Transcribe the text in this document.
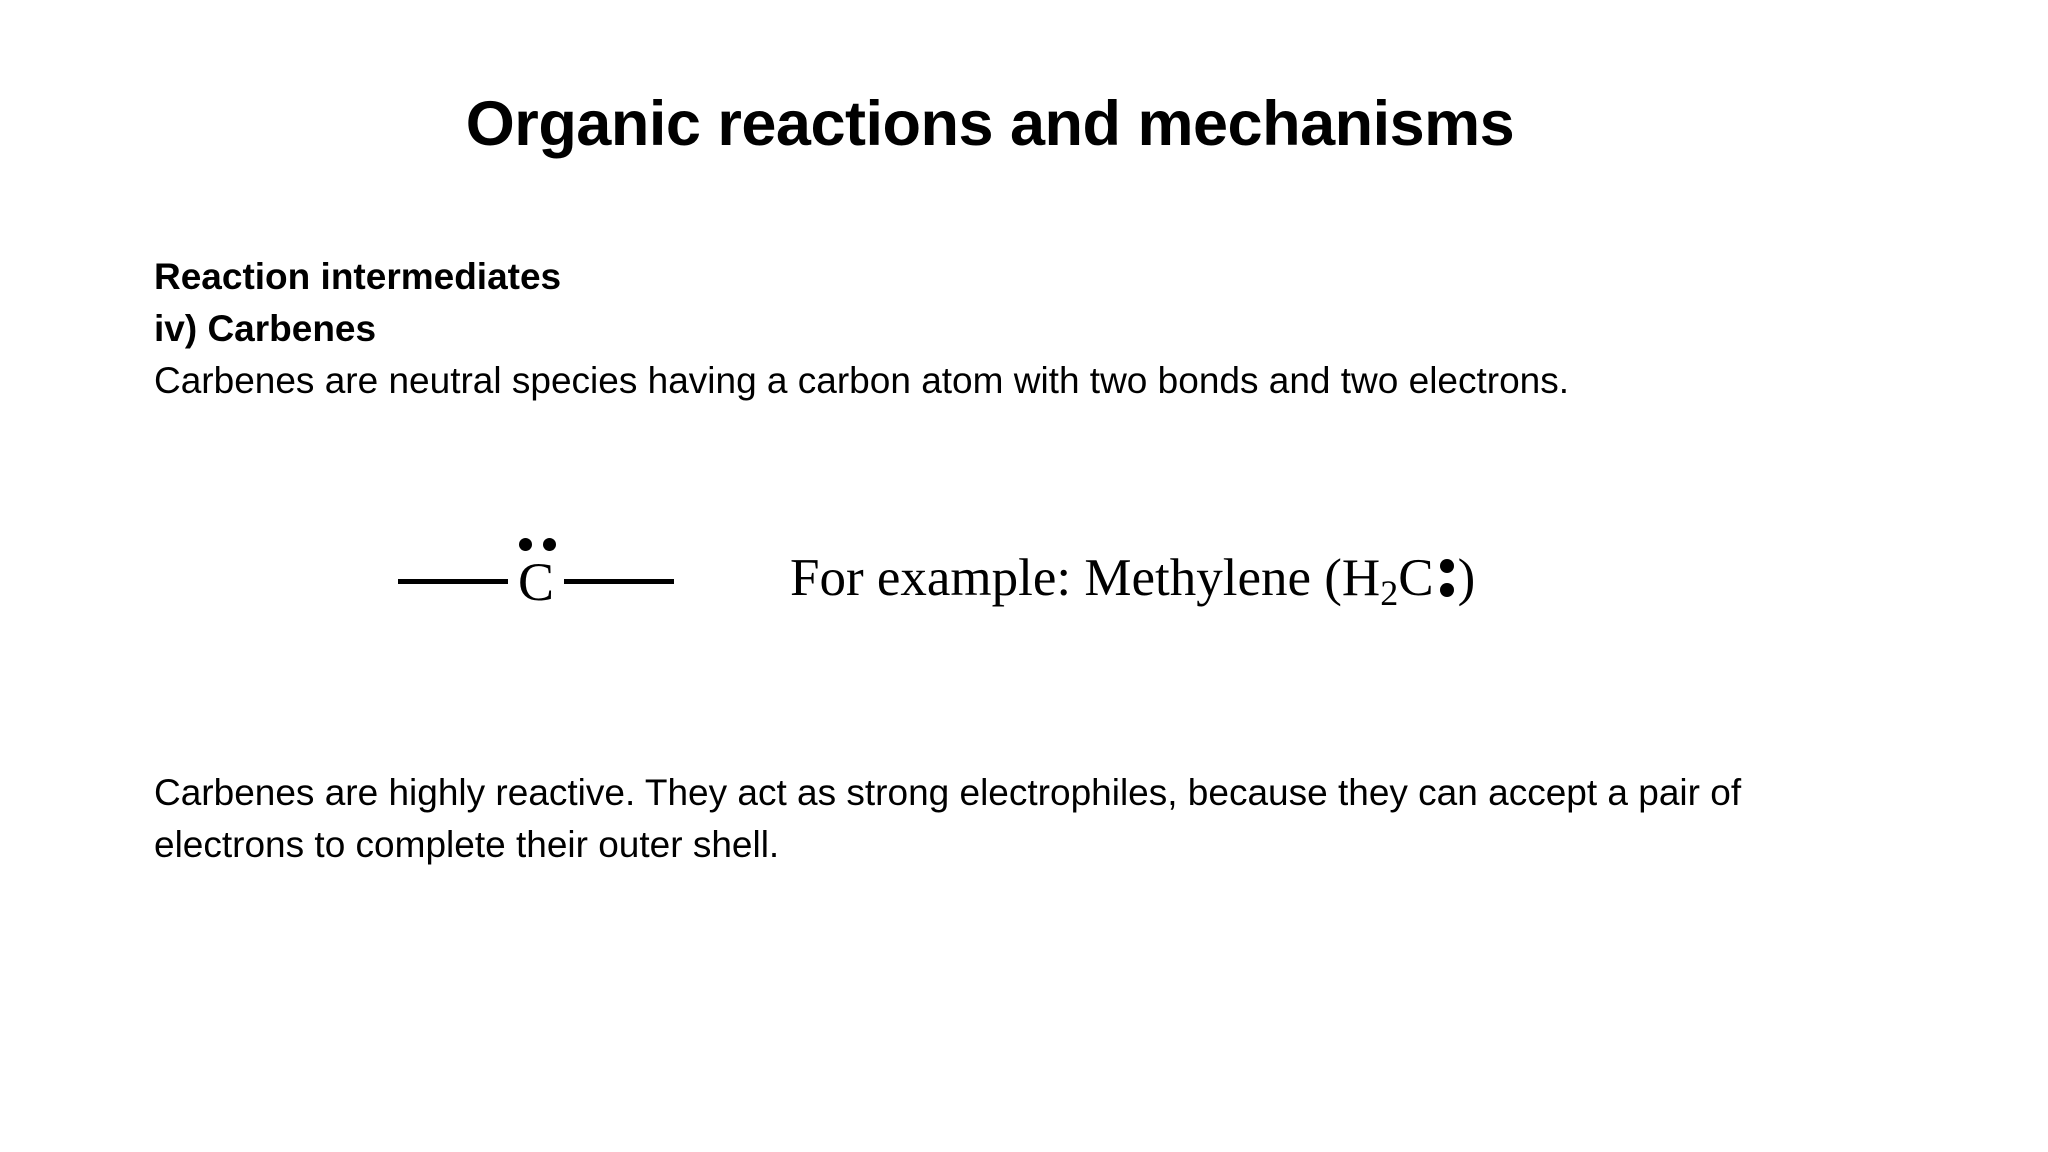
Organic reactions and mechanisms
Reaction intermediates
iv) Carbenes
Carbenes are neutral species having a carbon atom with two bonds and two electrons.
C	For example: Methylene ($H_2C$ )
Carbenes are highly reactive. They act as strong electrophiles, because they can accept a pair of
electrons to complete their outer shell.
